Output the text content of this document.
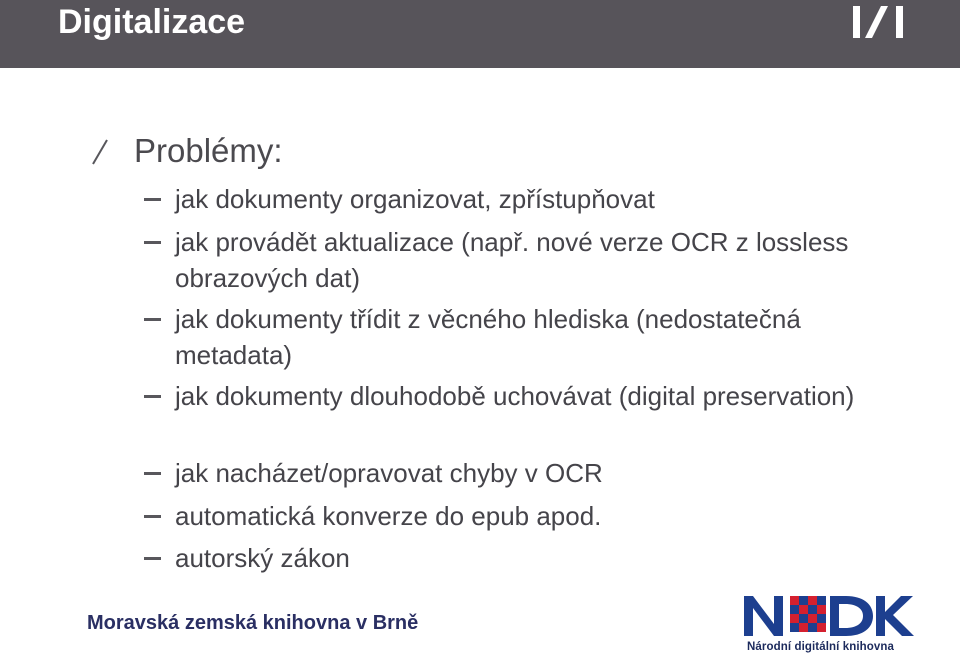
Digitalizace
Problémy:
jak dokumenty organizovat, zpřístupňovat
jak provádět aktualizace (např. nové verze OCR z lossless obrazových dat)
jak dokumenty třídit z věcného hlediska (nedostatečná metadata)
jak dokumenty dlouhodobě uchovávat (digital preservation)
jak nacházet/opravovat chyby v OCR
automatická konverze do epub apod.
autorský zákon
Moravská zemská knihovna v Brně
Národní digitální knihovna
